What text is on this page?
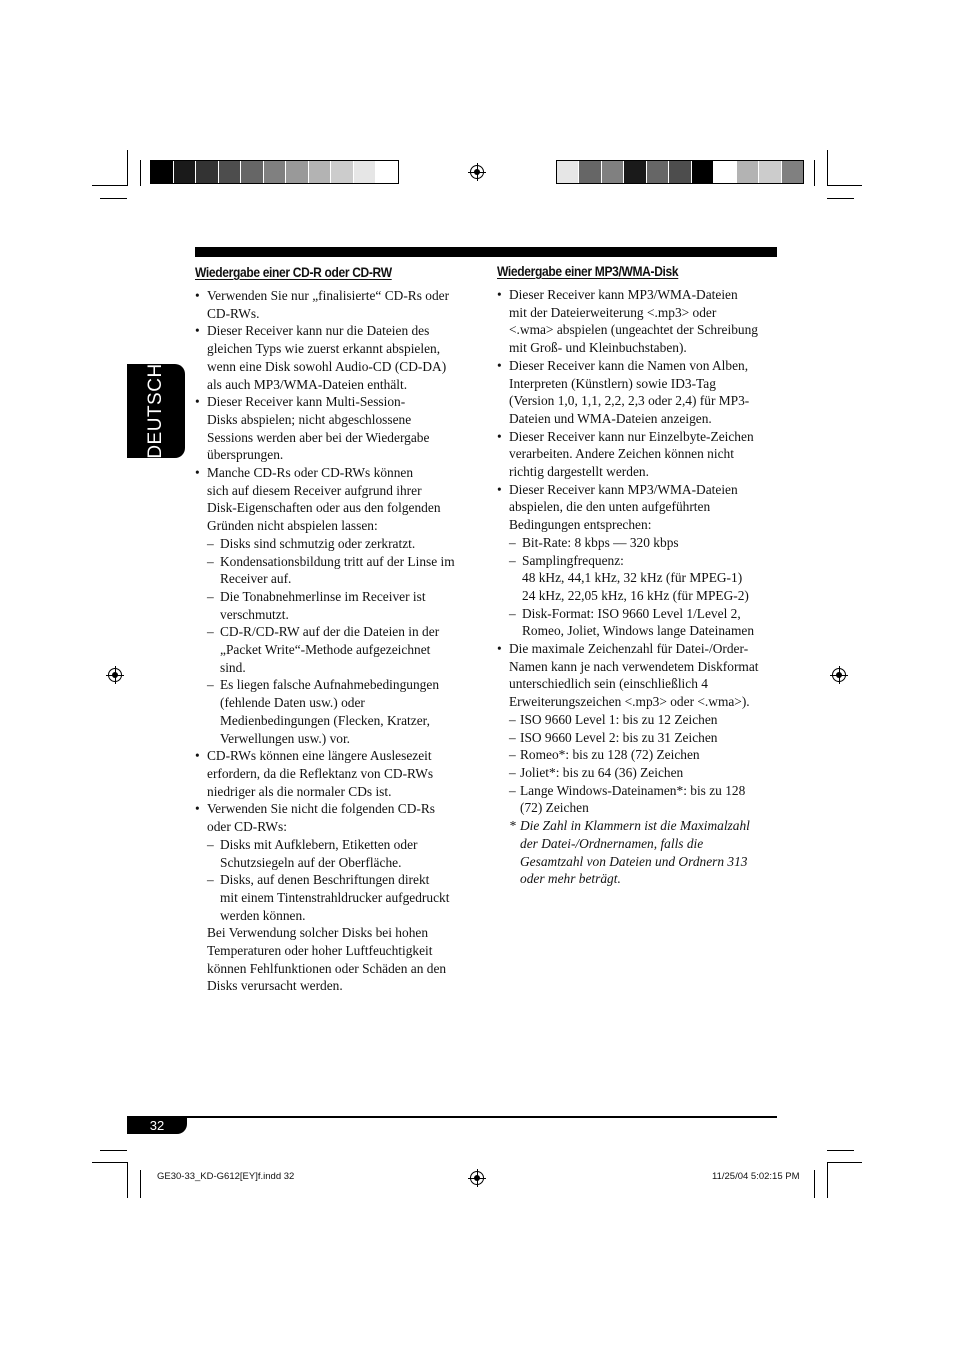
DEUTSCH
Wiedergabe einer CD-R oder CD-RW
• Verwenden Sie nur „finalisierte“ CD-Rs oder
CD-RWs.
• Dieser Receiver kann nur die Dateien des
gleichen Typs wie zuerst erkannt abspielen,
wenn eine Disk sowohl Audio-CD (CD-DA)
als auch MP3/WMA-Dateien enthält.
• Dieser Receiver kann Multi-Session-
Disks abspielen; nicht abgeschlossene
Sessions werden aber bei der Wiedergabe
übersprungen.
• Manche CD-Rs oder CD-RWs können
sich auf diesem Receiver aufgrund ihrer
Disk-Eigenschaften oder aus den folgenden
Gründen nicht abspielen lassen:
– Disks sind schmutzig oder zerkratzt.
– Kondensationsbildung tritt auf der Linse im
Receiver auf.
– Die Tonabnehmerlinse im Receiver ist
verschmutzt.
– CD-R/CD-RW auf der die Dateien in der
„Packet Write“-Methode aufgezeichnet
sind.
– Es liegen falsche Aufnahmebedingungen
(fehlende Daten usw.) oder
Medienbedingungen (Flecken, Kratzer,
Verwellungen usw.) vor.
• CD-RWs können eine längere Auslesezeit
erfordern, da die Reflektanz von CD-RWs
niedriger als die normaler CDs ist.
• Verwenden Sie nicht die folgenden CD-Rs
oder CD-RWs:
– Disks mit Aufklebern, Etiketten oder
Schutzsiegeln auf der Oberfläche.
– Disks, auf denen Beschriftungen direkt
mit einem Tintenstrahldrucker aufgedruckt
werden können.
Bei Verwendung solcher Disks bei hohen
Temperaturen oder hoher Luftfeuchtigkeit
können Fehlfunktionen oder Schäden an den
Disks verursacht werden.
Wiedergabe einer MP3/WMA-Disk
• Dieser Receiver kann MP3/WMA-Dateien
mit der Dateierweiterung <.mp3> oder
<.wma> abspielen (ungeachtet der Schreibung
mit Groß- und Kleinbuchstaben).
• Dieser Receiver kann die Namen von Alben,
Interpreten (Künstlern) sowie ID3-Tag
(Version 1,0, 1,1, 2,2, 2,3 oder 2,4) für MP3-
Dateien und WMA-Dateien anzeigen.
• Dieser Receiver kann nur Einzelbyte-Zeichen
verarbeiten. Andere Zeichen können nicht
richtig dargestellt werden.
• Dieser Receiver kann MP3/WMA-Dateien
abspielen, die den unten aufgeführten
Bedingungen entsprechen:
– Bit-Rate: 8 kbps — 320 kbps
– Samplingfrequenz:
48 kHz, 44,1 kHz, 32 kHz (für MPEG-1)
24 kHz, 22,05 kHz, 16 kHz (für MPEG-2)
– Disk-Format: ISO 9660 Level 1/Level 2,
Romeo, Joliet, Windows lange Dateinamen
• Die maximale Zeichenzahl für Datei-/Order-
Namen kann je nach verwendetem Diskformat
unterschiedlich sein (einschließlich 4
Erweiterungszeichen <.mp3> oder <.wma>).
– ISO 9660 Level 1: bis zu 12 Zeichen
– ISO 9660 Level 2: bis zu 31 Zeichen
– Romeo*: bis zu 128 (72) Zeichen
– Joliet*: bis zu 64 (36) Zeichen
– Lange Windows-Dateinamen*: bis zu 128
(72) Zeichen
* Die Zahl in Klammern ist die Maximalzahl
der Datei-/Ordnernamen, falls die
Gesamtzahl von Dateien und Ordnern 313
oder mehr beträgt.
32
GE30-33_KD-G612[EY]f.indd 32	11/25/04 5:02:15 PM
